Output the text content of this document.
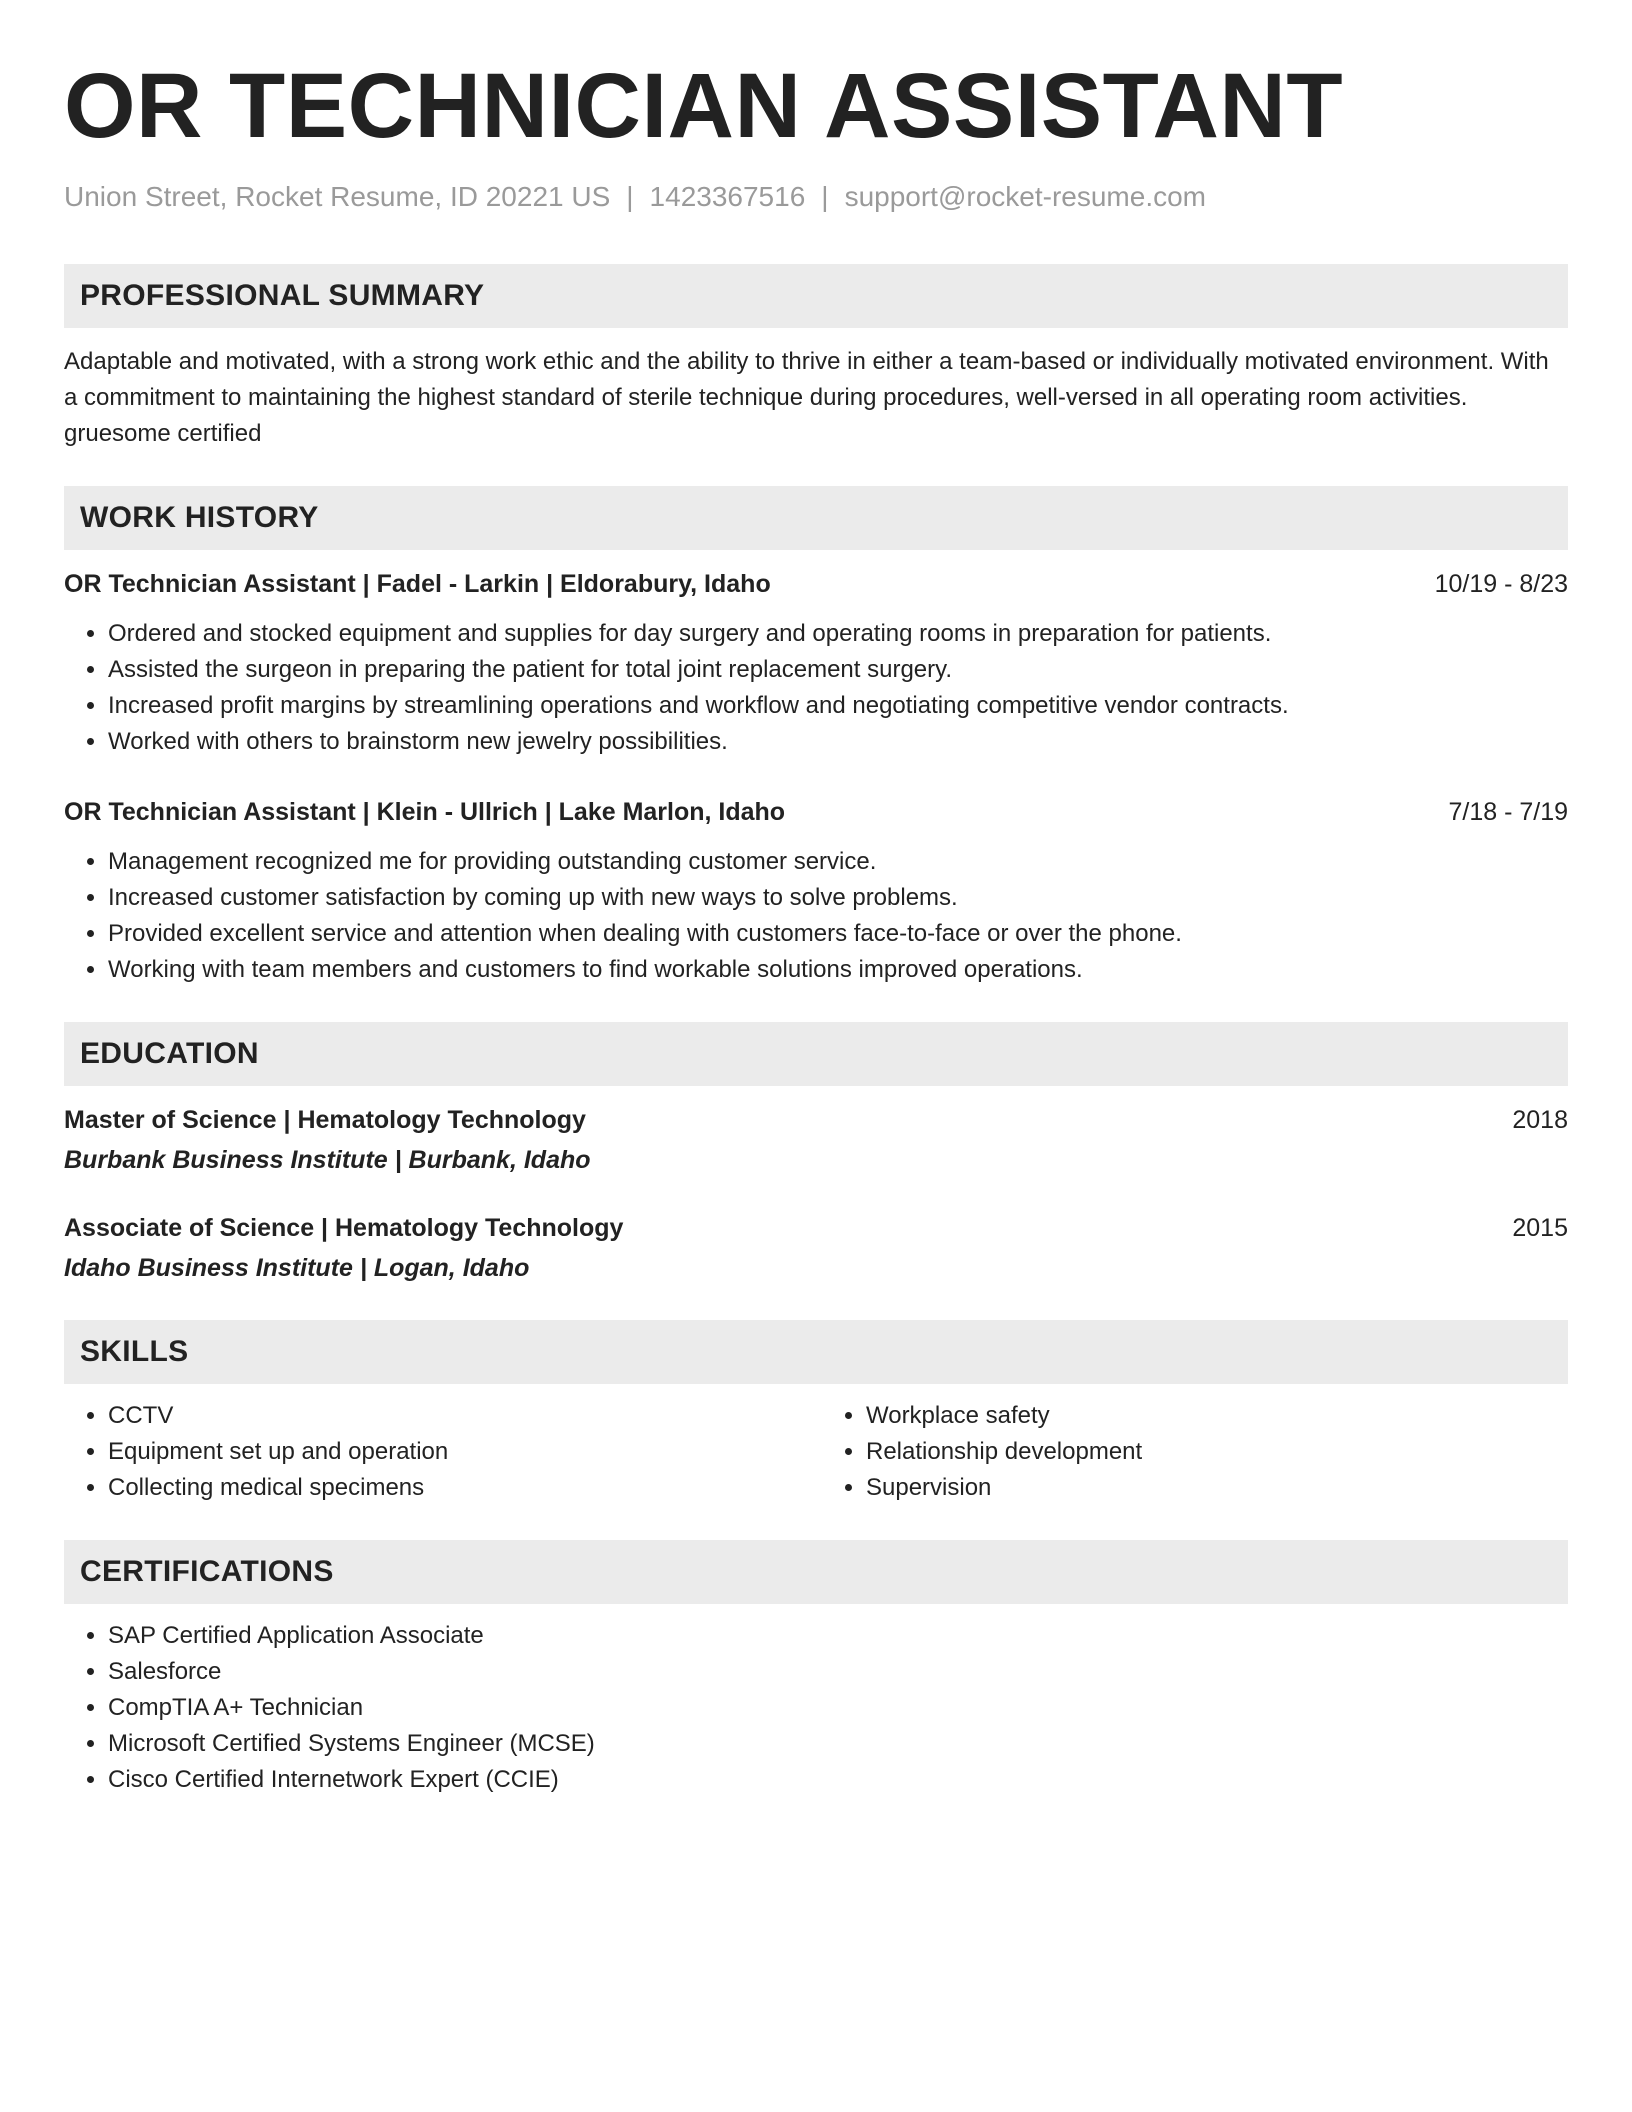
OR TECHNICIAN ASSISTANT
Union Street, Rocket Resume, ID 20221 US | 1423367516 | support@rocket-resume.com
PROFESSIONAL SUMMARY
Adaptable and motivated, with a strong work ethic and the ability to thrive in either a team-based or individually motivated environment. With a commitment to maintaining the highest standard of sterile technique during procedures, well-versed in all operating room activities. gruesome certified
WORK HISTORY
OR Technician Assistant | Fadel - Larkin | Eldorabury, Idaho	10/19 - 8/23
• Ordered and stocked equipment and supplies for day surgery and operating rooms in preparation for patients.
• Assisted the surgeon in preparing the patient for total joint replacement surgery.
• Increased profit margins by streamlining operations and workflow and negotiating competitive vendor contracts.
• Worked with others to brainstorm new jewelry possibilities.
OR Technician Assistant | Klein - Ullrich | Lake Marlon, Idaho	7/18 - 7/19
• Management recognized me for providing outstanding customer service.
• Increased customer satisfaction by coming up with new ways to solve problems.
• Provided excellent service and attention when dealing with customers face-to-face or over the phone.
• Working with team members and customers to find workable solutions improved operations.
EDUCATION
Master of Science | Hematology Technology	2018
Burbank Business Institute | Burbank, Idaho
Associate of Science | Hematology Technology	2015
Idaho Business Institute | Logan, Idaho
SKILLS
• CCTV
• Equipment set up and operation
• Collecting medical specimens
• Workplace safety
• Relationship development
• Supervision
CERTIFICATIONS
• SAP Certified Application Associate
• Salesforce
• CompTIA A+ Technician
• Microsoft Certified Systems Engineer (MCSE)
• Cisco Certified Internetwork Expert (CCIE)
